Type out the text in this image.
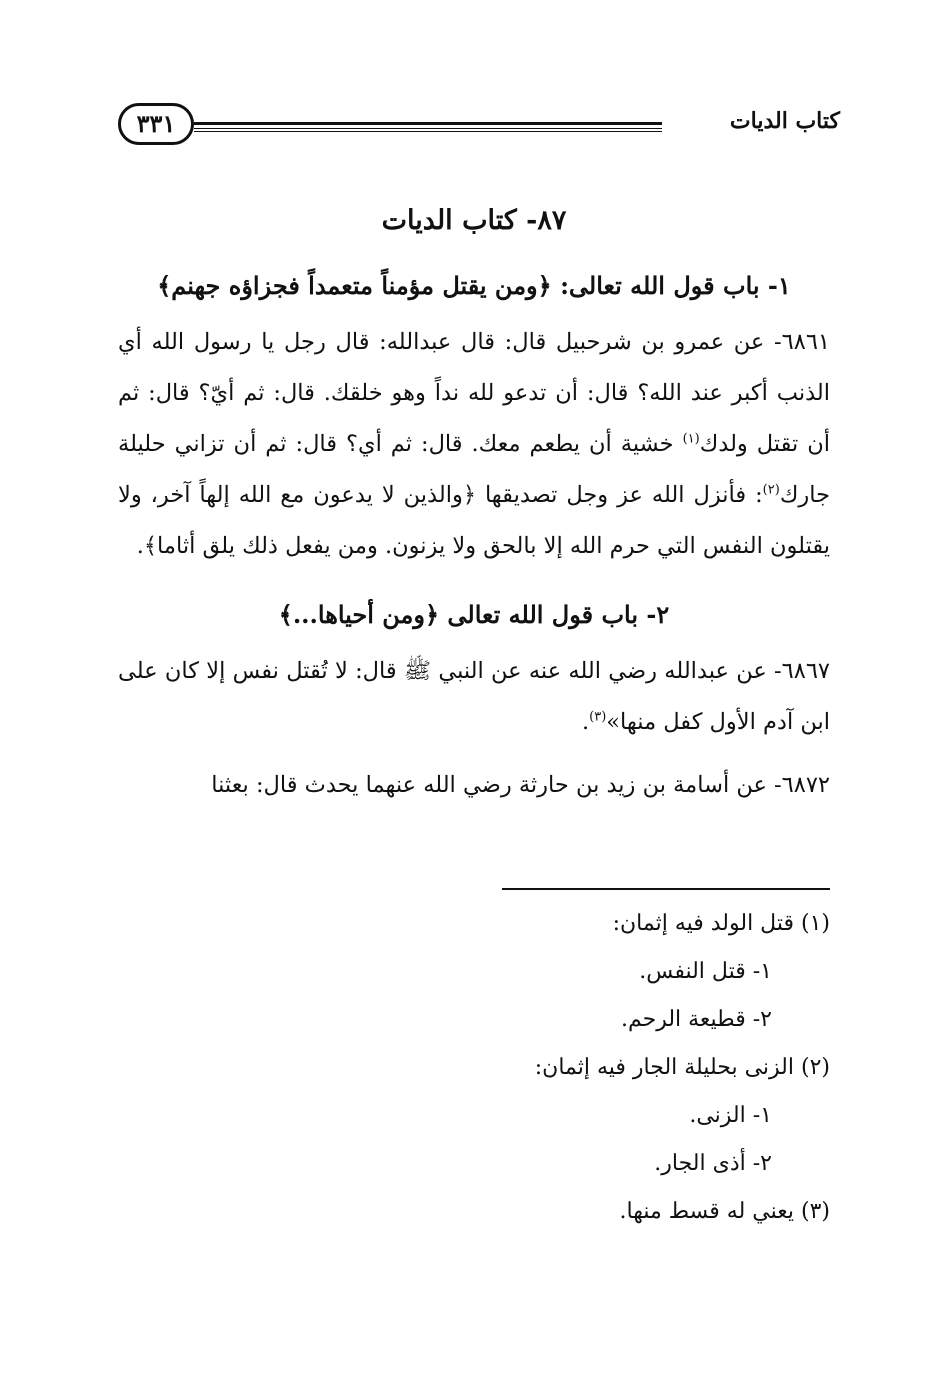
كتاب الديات
٣٣١
٨٧- كتاب الديات
١- باب قول الله تعالى: ﴿ومن يقتل مؤمناً متعمداً فجزاؤه جهنم﴾

٦٨٦١- عن عمرو بن شرحبيل قال: قال عبدالله: قال رجل يا رسول الله أي الذنب أكبر عند الله؟ قال: أن تدعو لله نداً وهو خلقك. قال: ثم أيّ؟ قال: ثم أن تقتل ولدك$^{(١)}$ خشية أن يطعم معك. قال: ثم أي؟ قال: ثم أن تزاني حليلة جارك$^{(٢)}$: فأنزل الله عز وجل تصديقها ﴿والذين لا يدعون مع الله إلهاً آخر، ولا يقتلون النفس التي حرم الله إلا بالحق ولا يزنون. ومن يفعل ذلك يلق أثاما﴾.

٢- باب قول الله تعالى ﴿ومن أحياها...﴾

٦٨٦٧- عن عبدالله رضي الله عنه عن النبي ﷺ قال: لا تُقتل نفس إلا كان على ابن آدم الأول كفل منها»$^{(٣)}$.

٦٨٧٢- عن أسامة بن زيد بن حارثة رضي الله عنهما يحدث قال: بعثنا

(١) قتل الولد فيه إثمان:
١- قتل النفس.
٢- قطيعة الرحم.
(٢) الزنى بحليلة الجار فيه إثمان:
١- الزنى.
٢- أذى الجار.
(٣) يعني له قسط منها.
